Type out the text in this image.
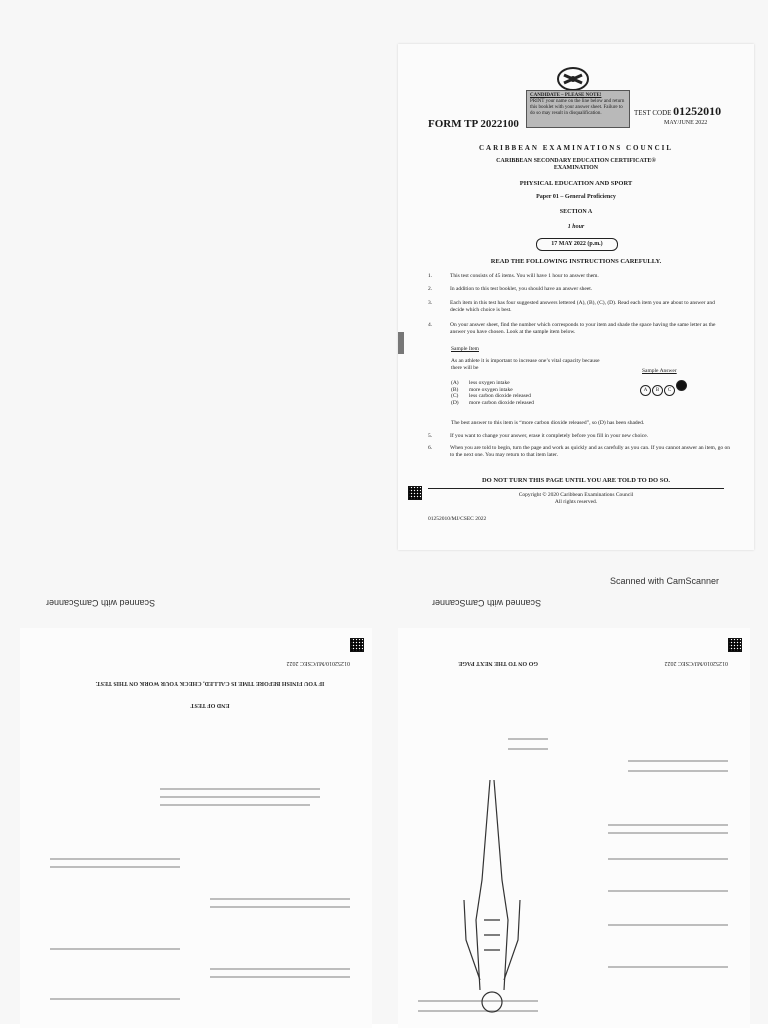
CANDIDATE – PLEASE NOTE!
PRINT your name on the line below and return this booklet with your answer sheet. Failure to do so may result in disqualification.
FORM TP 2022100
TEST CODE 01252010
MAY/JUNE 2022
CARIBBEAN EXAMINATIONS COUNCIL
CARIBBEAN SECONDARY EDUCATION CERTIFICATE®
EXAMINATION
PHYSICAL EDUCATION AND SPORT
Paper 01 – General Proficiency
SECTION A
1 hour
17 MAY 2022 (p.m.)
READ THE FOLLOWING INSTRUCTIONS CAREFULLY.
1.	This test consists of 45 items. You will have 1 hour to answer them.
2.	In addition to this test booklet, you should have an answer sheet.
3.	Each item in this test has four suggested answers lettered (A), (B), (C), (D). Read each item you are about to answer and decide which choice is best.
4.	On your answer sheet, find the number which corresponds to your item and shade the space having the same letter as the answer you have chosen. Look at the sample item below.
Sample Item
As an athlete it is important to increase one’s vital capacity because there will be
(A) less oxygen intake
(B) more oxygen intake
(C) less carbon dioxide released
(D) more carbon dioxide released
Sample Answer
A B C
The best answer to this item is “more carbon dioxide released”, so (D) has been shaded.
5.	If you want to change your answer, erase it completely before you fill in your new choice.
6.	When you are told to begin, turn the page and work as quickly and as carefully as you can. If you cannot answer an item, go on to the next one. You may return to that item later.
DO NOT TURN THIS PAGE UNTIL YOU ARE TOLD TO DO SO.
Copyright © 2020 Caribbean Examinations Council
All rights reserved.
01252010/MJ/CSEC 2022
Scanned with CamScanner
Scanned with CamScanner	Scanned with CamScanner
01252010/MJ/CSEC 2022
IF YOU FINISH BEFORE TIME IS CALLED, CHECK YOUR WORK ON THIS TEST.
END OF TEST
01252010/MJ/CSEC 2022
GO ON TO THE NEXT PAGE
